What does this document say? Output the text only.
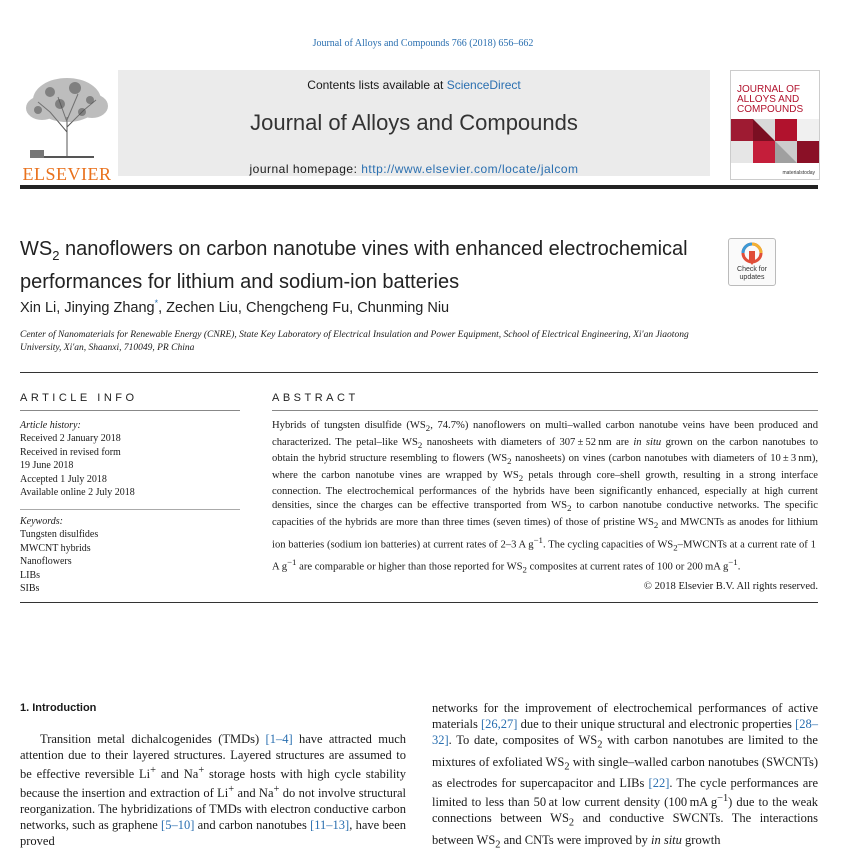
Journal of Alloys and Compounds 766 (2018) 656–662
ELSEVIER
Contents lists available at ScienceDirect
Journal of Alloys and Compounds
journal homepage: http://www.elsevier.com/locate/jalcom
JOURNAL OF ALLOYS AND COMPOUNDS
materialstoday
$WS_2$ nanoflowers on carbon nanotube vines with enhanced electrochemical performances for lithium and sodium-ion batteries
Check for updates
Xin Li, Jinying Zhang*, Zechen Liu, Chengcheng Fu, Chunming Niu
Center of Nanomaterials for Renewable Energy (CNRE), State Key Laboratory of Electrical Insulation and Power Equipment, School of Electrical Engineering, Xi'an Jiaotong University, Xi'an, Shaanxi, 710049, PR China
ARTICLE INFO	ABSTRACT
Article history:
Received 2 January 2018
Received in revised form
19 June 2018
Accepted 1 July 2018
Available online 2 July 2018
Keywords:
Tungsten disulfides
MWCNT hybrids
Nanoflowers
LIBs
SIBs
Hybrids of tungsten disulfide ($WS_2$, 74.7%) nanoflowers on multi–walled carbon nanotube veins have been produced and characterized. The petal–like $WS_2$ nanosheets with diameters of 307 ± 52 nm are in situ grown on the carbon nanotubes to obtain the hybrid structure resembling to flowers ($WS_2$ nanosheets) on vines (carbon nanotubes with diameters of 10 ± 3 nm), where the carbon nanotube vines are wrapped by $WS_2$ petals through core–shell growth, resulting in a strong interface connection. The electrochemical performances of the hybrids have been significantly enhanced, especially at high current densities, since the charges can be effective transported from $WS_2$ to carbon nanotube conductive networks. The specific capacities of the hybrids are more than three times (seven times) of those of pristine $WS_2$ and MWCNTs as anodes for lithium ion batteries (sodium ion batteries) at current rates of 2–3 A $g^{-1}$. The cycling capacities of $WS_2$–MWCNTs at a current rate of 1 A $g^{-1}$ are comparable or higher than those reported for $WS_2$ composites at current rates of 100 or 200 mA $g^{-1}$.
© 2018 Elsevier B.V. All rights reserved.
1. Introduction

Transition metal dichalcogenides (TMDs) [1–4] have attracted much attention due to their layered structures. Layered structures are assumed to be effective reversible Li+ and Na+ storage hosts with high cycle stability because the insertion and extraction of Li+ and Na+ do not involve structural reorganization. The hybridizations of TMDs with electron conductive carbon networks, such as graphene [5–10] and carbon nanotubes [11–13], have been proved

networks for the improvement of electrochemical performances of active materials [26,27] due to their unique structural and electronic properties [28–32]. To date, composites of $WS_2$ with carbon nanotubes are limited to the mixtures of exfoliated $WS_2$ with single–walled carbon nanotubes (SWCNTs) as electrodes for supercapacitor and LIBs [22]. The cycle performances are limited to less than 50 at low current density (100 mA $g^{-1}$) due to the weak connections between $WS_2$ and conductive SWCNTs. The interactions between $WS_2$ and CNTs were improved by in situ growth
